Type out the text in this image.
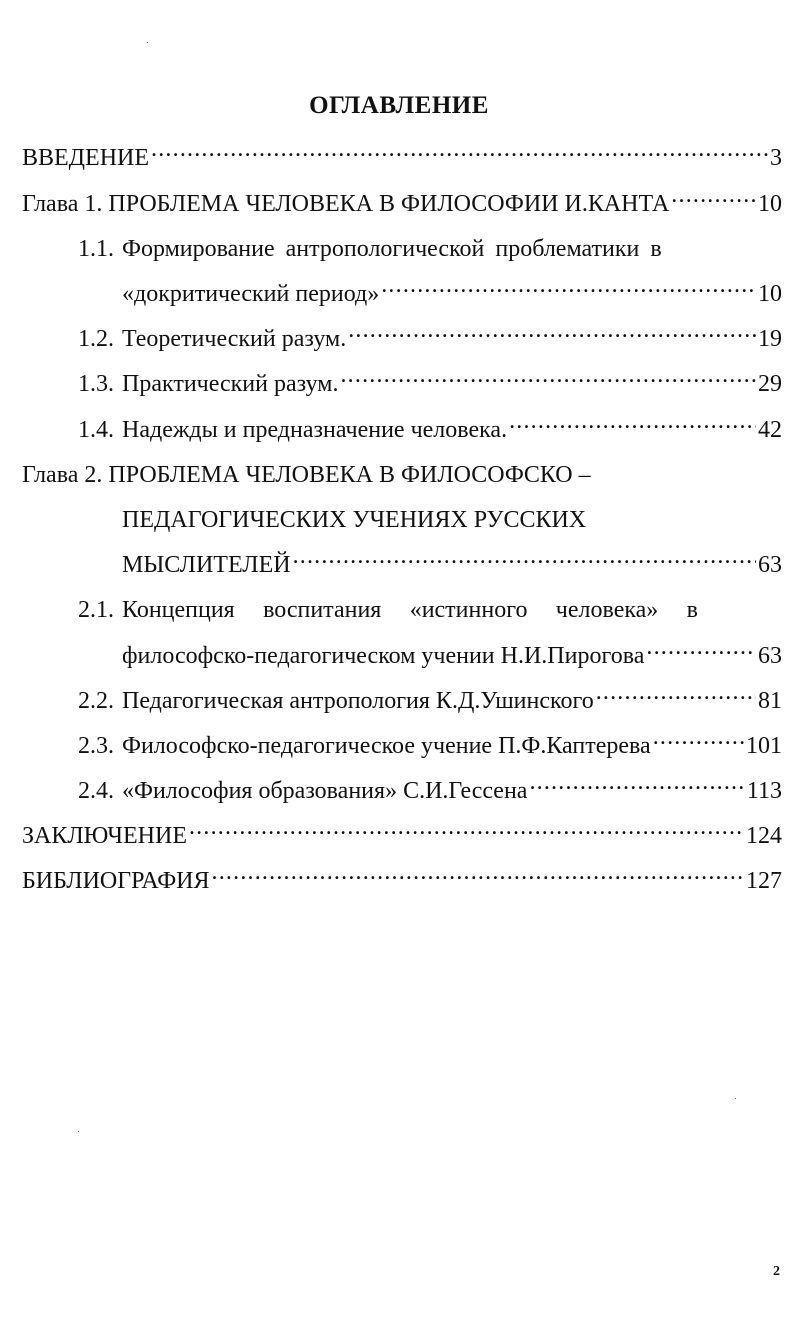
ОГЛАВЛЕНИЕ
ВВЕДЕНИЕ .....	3
Глава 1. ПРОБЛЕМА ЧЕЛОВЕКА В ФИЛОСОФИИ И.КАНТА .....	10
1.1. Формирование антропологической проблематики в
«докритический период» .....	10
1.2. Теоретический разум. .....	19
1.3. Практический разум. .....	29
1.4. Надежды и предназначение человека. .....	42
Глава 2. ПРОБЛЕМА ЧЕЛОВЕКА В ФИЛОСОФСКО –
ПЕДАГОГИЧЕСКИХ УЧЕНИЯХ РУССКИХ
МЫСЛИТЕЛЕЙ .....	63
2.1. Концепция воспитания «истинного человека» в
философско-педагогическом учении Н.И.Пирогова .....	63
2.2. Педагогическая антропология К.Д.Ушинского .....	81
2.3. Философско-педагогическое учение П.Ф.Каптерева .....	101
2.4. «Философия образования» С.И.Гессена .....	113
ЗАКЛЮЧЕНИЕ .....	124
БИБЛИОГРАФИЯ .....	127
2
